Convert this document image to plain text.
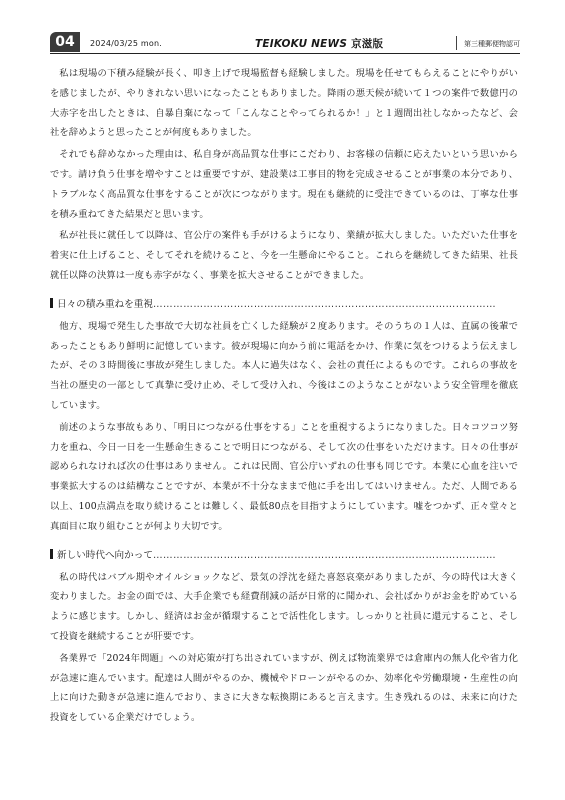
04	2024/03/25 mon.	TEIKOKU NEWS 京滋版	第三種郵便物認可

私は現場の下積み経験が長く、叩き上げで現場監督も経験しました。現場を任せてもらえることにやりがいを感じましたが、やりきれない思いになったこともありました。降雨の悪天候が続いて１つの案件で数億円の大赤字を出したときは、自暴自棄になって「こんなことやってられるか！」と１週間出社しなかったなど、会社を辞めようと思ったことが何度もありました。

それでも辞めなかった理由は、私自身が高品質な仕事にこだわり、お客様の信頼に応えたいという思いからです。請け負う仕事を増やすことは重要ですが、建設業は工事目的物を完成させることが事業の本分であり、トラブルなく高品質な仕事をすることが次につながります。現在も継続的に受注できているのは、丁寧な仕事を積み重ねてきた結果だと思います。

私が社長に就任して以降は、官公庁の案件も手がけるようになり、業績が拡大しました。いただいた仕事を着実に仕上げること、そしてそれを続けること、今を一生懸命にやること。これらを継続してきた結果、社長就任以降の決算は一度も赤字がなく、事業を拡大させることができました。

日々の積み重ねを重視…………………………………………………………………………………………

他方、現場で発生した事故で大切な社員を亡くした経験が２度あります。そのうちの１人は、直属の後輩であったこともあり鮮明に記憶しています。彼が現場に向かう前に電話をかけ、作業に気をつけるよう伝えましたが、その３時間後に事故が発生しました。本人に過失はなく、会社の責任によるものです。これらの事故を当社の歴史の一部として真摯に受け止め、そして受け入れ、今後はこのようなことがないよう安全管理を徹底しています。

前述のような事故もあり、「明日につながる仕事をする」ことを重視するようになりました。日々コツコツ努力を重ね、今日一日を一生懸命生きることで明日につながる、そして次の仕事をいただけます。日々の仕事が認められなければ次の仕事はありません。これは民間、官公庁いずれの仕事も同じです。本業に心血を注いで事業拡大するのは結構なことですが、本業が不十分なままで他に手を出してはいけません。ただ、人間である以上、100点満点を取り続けることは難しく、最低80点を目指すようにしています。嘘をつかず、正々堂々と真面目に取り組むことが何より大切です。

新しい時代へ向かって…………………………………………………………………………………………

私の時代はバブル期やオイルショックなど、景気の浮沈を経た喜怒哀楽がありましたが、今の時代は大きく変わりました。お金の面では、大手企業でも経費削減の話が日常的に聞かれ、会社ばかりがお金を貯めているように感じます。しかし、経済はお金が循環することで活性化します。しっかりと社員に還元すること、そして投資を継続することが肝要です。

各業界で「2024年問題」への対応策が打ち出されていますが、例えば物流業界では倉庫内の無人化や省力化が急速に進んでいます。配達は人間がやるのか、機械やドローンがやるのか、効率化や労働環境・生産性の向上に向けた動きが急速に進んでおり、まさに大きな転換期にあると言えます。生き残れるのは、未来に向けた投資をしている企業だけでしょう。
